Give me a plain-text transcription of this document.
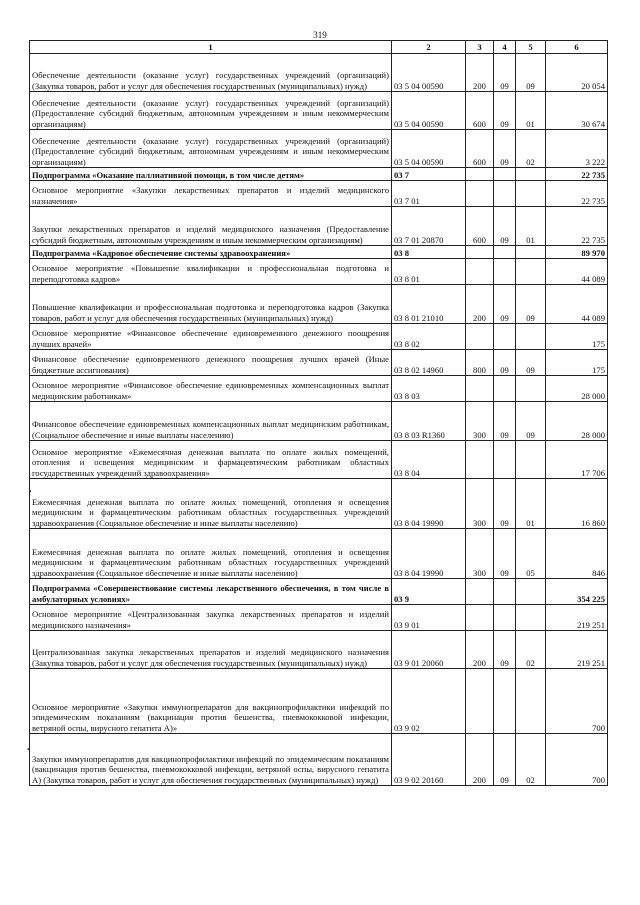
319
1	2	3	4	5	6
Обеспечение деятельности (оказание услуг) государственных учреждений (организаций) (Закупка товаров, работ и услуг для обеспечения государственных (муниципальных) нужд)	03 5 04 00590	200	09	09	20 054
Обеспечение деятельности (оказание услуг) государственных учреждений (организаций) (Предоставление субсидий бюджетным, автономным учреждениям и иным некоммерческим организациям)	03 5 04 00590	600	09	01	30 674
Обеспечение деятельности (оказание услуг) государственных учреждений (организаций) (Предоставление субсидий бюджетным, автономным учреждениям и иным некоммерческим организациям)	03 5 04 00590	600	09	02	3 222
Подпрограмма «Оказание паллиативной помощи, в том числе детям»	03 7				22 735
Основное мероприятие «Закупки лекарственных препаратов и изделий медицинского назначения»	03 7 01				22 735
Закупки лекарственных препаратов и изделий медицинского назначения (Предоставление субсидий бюджетным, автономным учреждениям и иным некоммерческим организациям)	03 7 01 20870	600	09	01	22 735
Подпрограмма «Кадровое обеспечение системы здравоохранения»	03 8				89 970
Основное мероприятие «Повышение квалификации и профессиональная подготовка и переподготовка кадров»	03 8 01				44 089
Повышение квалификации и профессиональная подготовка и переподготовка кадров (Закупка товаров, работ и услуг для обеспечения государственных (муниципальных) нужд)	03 8 01 21010	200	09	09	44 089
Основное мероприятие «Финансовое обеспечение единовременного денежного поощрения лучших врачей»	03 8 02				175
Финансовое обеспечение единовременного денежного поощрения лучших врачей (Иные бюджетные ассигнования)	03 8 02 14960	800	09	09	175
Основное мероприятие «Финансовое обеспечение единовременных компенсационных выплат медицинским работникам»	03 8 03				28 000
Финансовое обеспечение единовременных компенсационных выплат медицинским работникам, (Социальное обеспечение и иные выплаты населению)	03 8 03 R1360	300	09	09	28 000
Основное мероприятие «Ежемесячная денежная выплата по оплате жилых помещений, отопления и освещения медицинским и фармацевтическим работникам областных государственных учреждений здравоохранения»	03 8 04				17 706
Ежемесячная денежная выплата по оплате жилых помещений, отопления и освещения медицинским и фармацевтическим работникам областных государственных учреждений здравоохранения (Социальное обеспечение и иные выплаты населению)	03 8 04 19990	300	09	01	16 860
Ежемесячная денежная выплата по оплате жилых помещений, отопления и освещения медицинским и фармацевтическим работникам областных государственных учреждений здравоохранения (Социальное обеспечение и иные выплаты населению)	03 8 04 19990	300	09	05	846
Подпрограмма «Совершенствование системы лекарственного обеспечения, в том числе в амбулаторных условиях»	03 9				354 225
Основное мероприятие «Централизованная закупка лекарственных препаратов и изделий медицинского назначения»	03 9 01				219 251
Централизованная закупка лекарственных препаратов и изделий медицинского назначения (Закупка товаров, работ и услуг для обеспечения государственных (муниципальных) нужд)	03 9 01 20060	200	09	02	219 251
Основное мероприятие «Закупки иммунопрепаратов для вакцинопрофилактики инфекций по эпидемическим показаниям (вакцинация против бешенства, пневмококковой инфекции, ветряной оспы, вирусного гепатита А)»	03 9 02				700
Закупки иммунопрепаратов для вакцинопрофилактики инфекций по эпидемическим показаниям (вакцинация против бешенства, пневмококковой инфекции, ветряной оспы, вирусного гепатита А) (Закупка товаров, работ и услуг для обеспечения государственных (муниципальных) нужд)	03 9 02 20160	200	09	02	700
.
.
